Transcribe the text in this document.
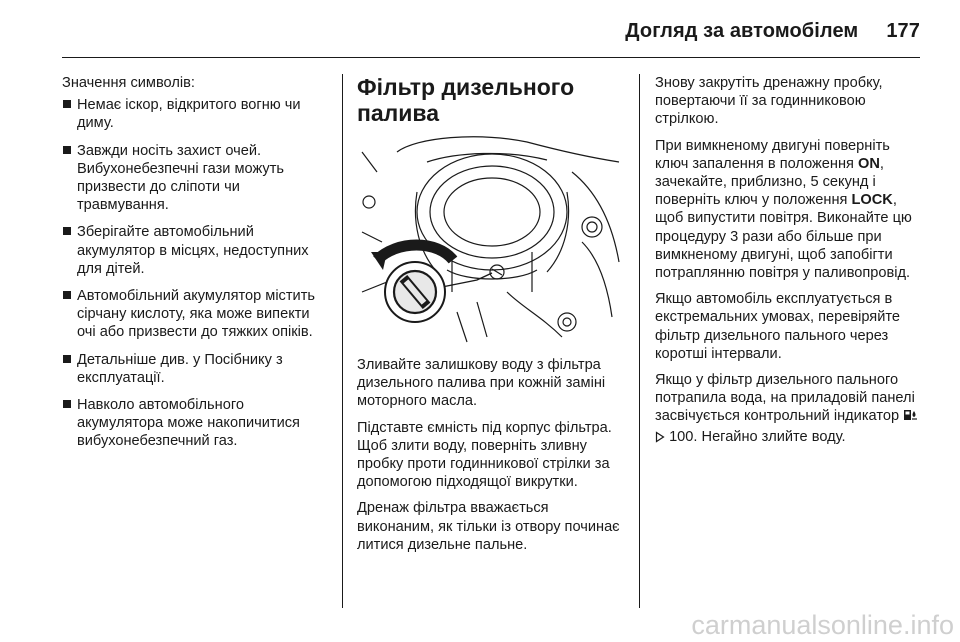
Догляд за автомобілем 177

Значення символів:

Немає іскор, відкритого вогню чи диму.
Завжди носіть захист очей. Вибухонебезпечні гази можуть призвести до сліпоти чи травмування.
Зберігайте автомобільний акумулятор в місцях, недоступних для дітей.
Автомобільний акумулятор містить сірчану кислоту, яка може випекти очі або призвести до тяжких опіків.
Детальніше див. у Посібнику з експлуатації.
Навколо автомобільного акумулятора може накопичитися вибухонебезпечний газ.
Фільтр дизельного
палива

Зливайте залишкову воду з фільтра дизельного палива при кожній заміні моторного масла.

Підставте ємність під корпус фільтра. Щоб злити воду, поверніть зливну пробку проти годинникової стрілки за допомогою підходящої викрутки.

Дренаж фільтра вважається виконаним, як тільки із отвору починає литися дизельне пальне.

Знову закрутіть дренажну пробку, повертаючи її за годинниковою стрілкою.

При вимкненому двигуні поверніть ключ запалення в положення ON, зачекайте, приблизно, 5 секунд і поверніть ключ у положення LOCK, щоб випустити повітря. Виконайте цю процедуру 3 рази або більше при вимкненому двигуні, щоб запобігти потраплянню повітря у паливопровід.

Якщо автомобіль експлуатується в екстремальних умовах, перевіряйте фільтр дизельного пального через коротші інтервали.

Якщо у фільтр дизельного пального потрапила вода, на приладовій панелі засвічується контрольний індикатор   100. Негайно злийте воду.

carmanualsonline.info
